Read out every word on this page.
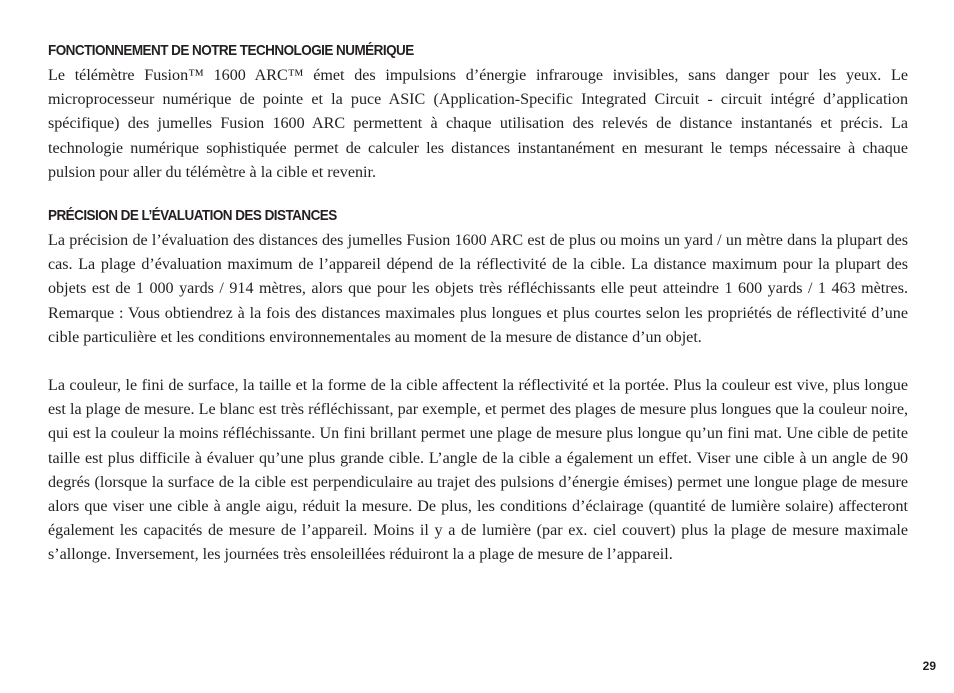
FONCTIONNEMENT DE NOTRE TECHNOLOGIE NUMÉRIQUE

Le télémètre Fusion™ 1600 ARC™ émet des impulsions d’énergie infrarouge invisibles, sans danger pour les yeux. Le microprocesseur numérique de pointe et la puce ASIC (Application-Specific Integrated Circuit - circuit intégré d’application spécifique) des jumelles Fusion 1600 ARC permettent à chaque utilisation des relevés de distance instantanés et précis. La technologie numérique sophistiquée permet de calculer les distances instantanément en mesurant le temps nécessaire à chaque pulsion pour aller du télémètre à la cible et revenir.

PRÉCISION DE L’ÉVALUATION DES DISTANCES

La précision de l’évaluation des distances des jumelles Fusion 1600 ARC est de plus ou moins un yard / un mètre dans la plupart des cas. La plage d’évaluation maximum de l’appareil dépend de la réflectivité de la cible. La distance maximum pour la plupart des objets est de 1 000 yards / 914 mètres, alors que pour les objets très réfléchissants elle peut atteindre 1 600 yards / 1 463 mètres. Remarque : Vous obtiendrez à la fois des distances maximales plus longues et plus courtes selon les propriétés de réflectivité d’une cible particulière et les conditions environnementales au moment de la mesure de distance d’un objet.

La couleur, le fini de surface, la taille et la forme de la cible affectent la réflectivité et la portée. Plus la couleur est vive, plus longue est la plage de mesure. Le blanc est très réfléchissant, par exemple, et permet des plages de mesure plus longues que la couleur noire, qui est la couleur la moins réfléchissante. Un fini brillant permet une plage de mesure plus longue qu’un fini mat. Une cible de petite taille est plus difficile à évaluer qu’une plus grande cible. L’angle de la cible a également un effet. Viser une cible à un angle de 90 degrés (lorsque la surface de la cible est perpendiculaire au trajet des pulsions d’énergie émises) permet une longue plage de mesure alors que viser une cible à angle aigu, réduit la mesure. De plus, les conditions d’éclairage (quantité de lumière solaire) affecteront également les capacités de mesure de l’appareil. Moins il y a de lumière (par ex. ciel couvert) plus la plage de mesure maximale s’allonge. Inversement, les journées très ensoleillées réduiront la a plage de mesure de l’appareil.

29
